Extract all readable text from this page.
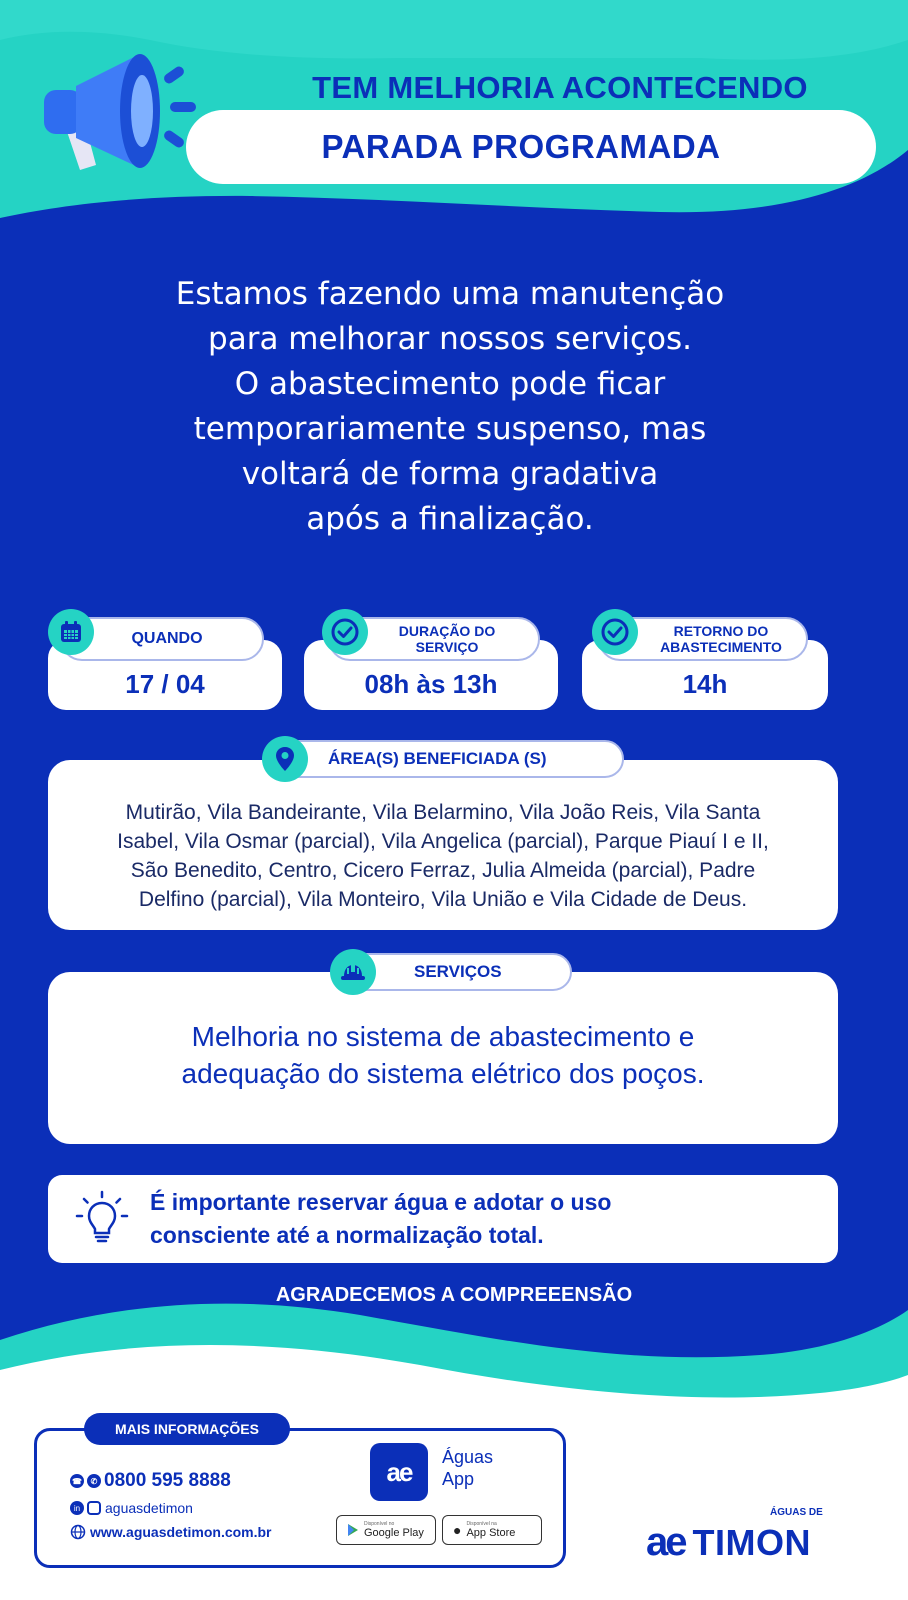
TEM MELHORIA ACONTECENDO
PARADA PROGRAMADA
Estamos fazendo uma manutenção
para melhorar nossos serviços.
O abastecimento pode ficar
temporariamente suspenso, mas
voltará de forma gradativa
após a finalização.
17 / 04
QUANDO
08h às 13h
DURAÇÃO DO
SERVIÇO
14h
RETORNO DO
ABASTECIMENTO
Mutirão, Vila Bandeirante, Vila Belarmino, Vila João Reis, Vila Santa
Isabel, Vila Osmar (parcial), Vila Angelica (parcial), Parque Piauí I e II,
São Benedito, Centro, Cicero Ferraz, Julia Almeida (parcial), Padre
Delfino (parcial), Vila Monteiro, Vila União e Vila Cidade de Deus.
ÁREA(S) BENEFICIADA (S)
Melhoria no sistema de abastecimento e
adequação do sistema elétrico dos poços.
SERVIÇOS
É importante reservar água e adotar o uso
consciente até a normalização total.
AGRADECEMOS A COMPREEENSÃO
MAIS INFORMAÇÕES
☎	✆ 0800 595 8888
in aguasdetimon
www.aguasdetimon.com.br
ae Águas
App
Disponível no
Google Play ● Disponível na
App Store
ÁGUAS DE
ae TIMON
